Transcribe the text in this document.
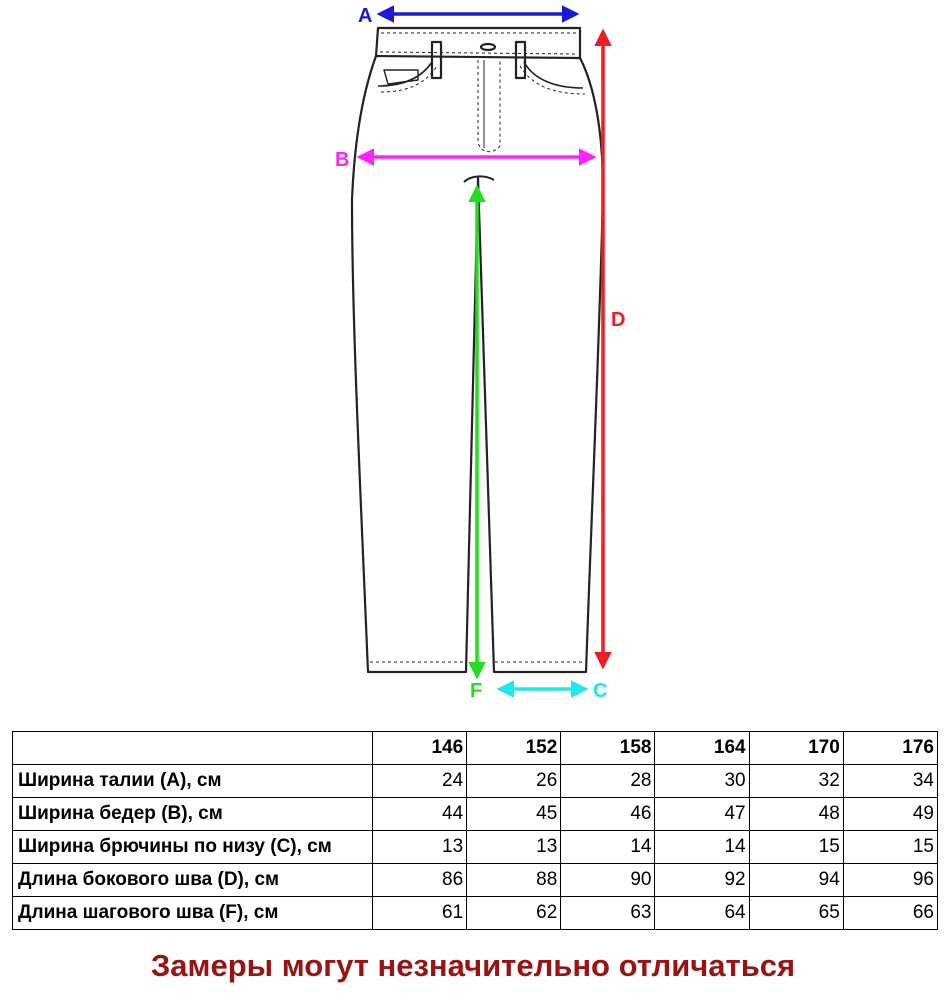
A
B
D
F	C
	146	152	158	164	170	176
Ширина талии (А), см	24	26	28	30	32	34
Ширина бедер (В), см	44	45	46	47	48	49
Ширина брючины по низу (С), см	13	13	14	14	15	15
Длина бокового шва (D), см	86	88	90	92	94	96
Длина шагового шва (F), см	61	62	63	64	65	66
Замеры могут незначительно отличаться
